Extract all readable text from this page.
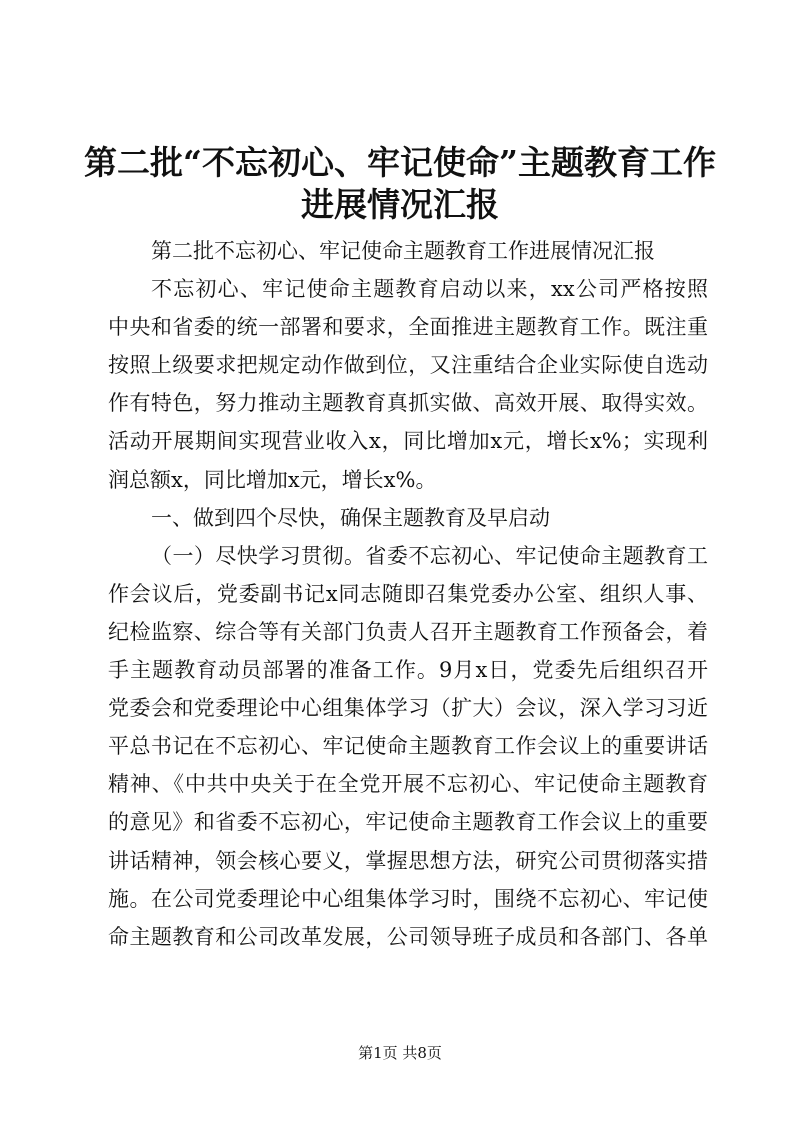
第二批“不忘初心、牢记使命”主题教育工作
进展情况汇报
第二批不忘初心、牢记使命主题教育工作进展情况汇报
不忘初心、牢记使命主题教育启动以来，xx公司严格按照
中央和省委的统一部署和要求，全面推进主题教育工作。既注重
按照上级要求把规定动作做到位，又注重结合企业实际使自选动
作有特色，努力推动主题教育真抓实做、高效开展、取得实效。
活动开展期间实现营业收入x，同比增加x元，增长x%；实现利
润总额x，同比增加x元，增长x%。
一、做到四个尽快，确保主题教育及早启动
（一）尽快学习贯彻。省委不忘初心、牢记使命主题教育工
作会议后，党委副书记x同志随即召集党委办公室、组织人事、
纪检监察、综合等有关部门负责人召开主题教育工作预备会，着
手主题教育动员部署的准备工作。9月x日，党委先后组织召开
党委会和党委理论中心组集体学习（扩大）会议，深入学习习近
平总书记在不忘初心、牢记使命主题教育工作会议上的重要讲话
精神、《中共中央关于在全党开展不忘初心、牢记使命主题教育
的意见》和省委不忘初心，牢记使命主题教育工作会议上的重要
讲话精神，领会核心要义，掌握思想方法，研究公司贯彻落实措
施。在公司党委理论中心组集体学习时，围绕不忘初心、牢记使
命主题教育和公司改革发展，公司领导班子成员和各部门、各单
第1页 共8页
